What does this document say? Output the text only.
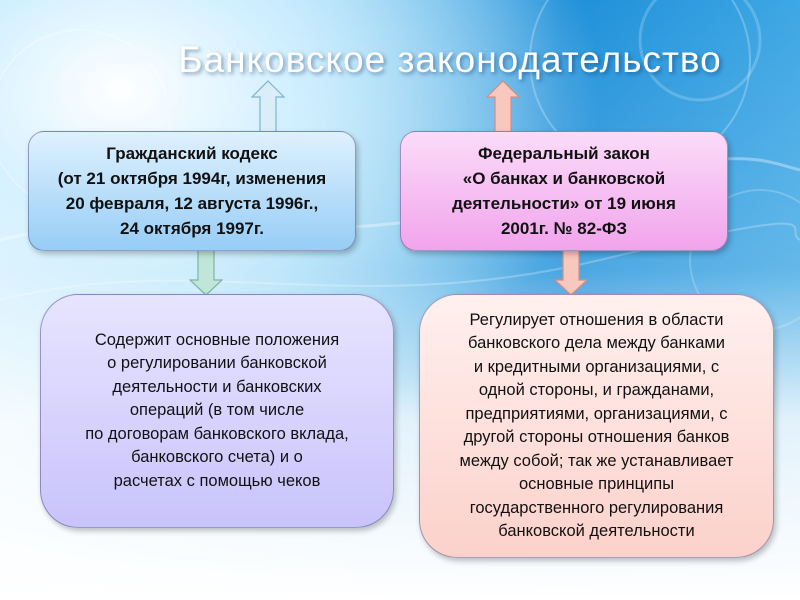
Банковское законодательство
Гражданский кодекс
(от 21 октября 1994г, изменения
20 февраля, 12 августа 1996г.,
24 октября 1997г.
Федеральный закон
«О банках и банковской
деятельности» от 19 июня
2001г. № 82-ФЗ
Содержит основные положения
о регулировании банковской
деятельности и банковских
операций (в том числе
по договорам банковского вклада,
банковского счета) и о
расчетах с помощью чеков
Регулирует отношения в области
банковского дела между банками
и кредитными организациями, с
одной стороны, и гражданами,
предприятиями, организациями, с
другой стороны отношения банков
между собой; так же устанавливает
основные принципы
государственного регулирования
банковской деятельности
